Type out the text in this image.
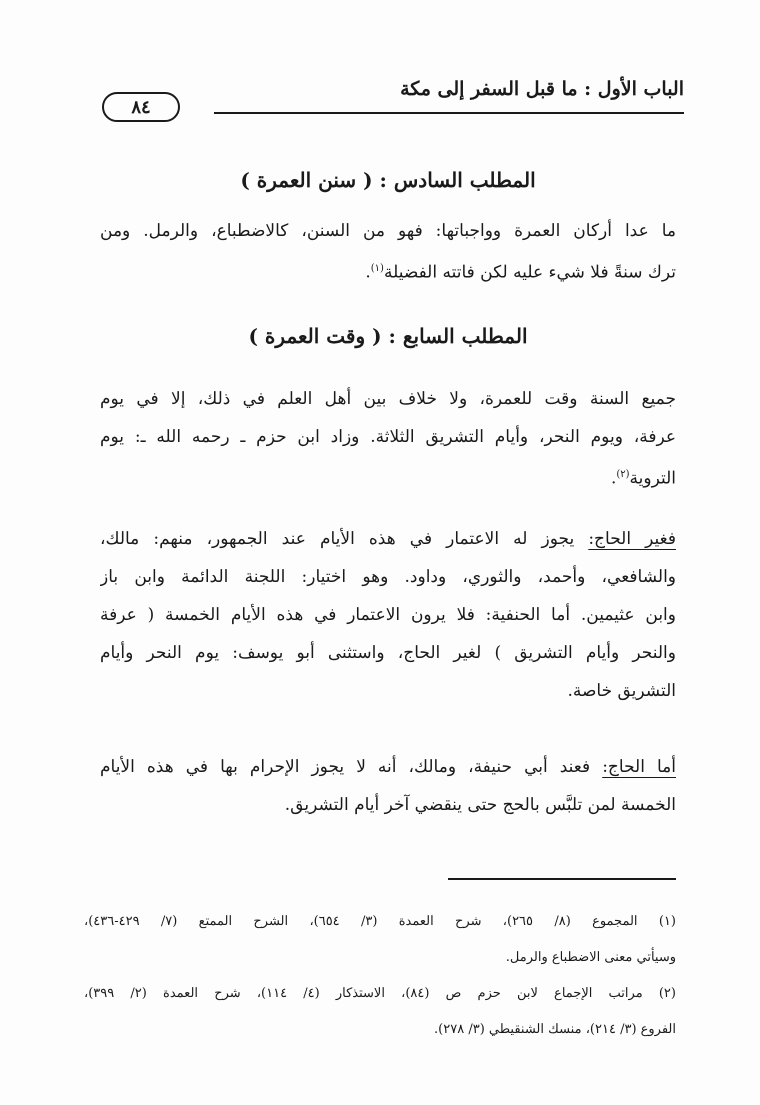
الباب الأول : ما قبل السفر إلى مكة
٨٤
المطلب السادس : ( سنن العمرة )
ما عدا أركان العمرة وواجباتها: فهو من السنن، كالاضطباع، والرمل. ومن
ترك سنةً فلا شيء عليه لكن فاتته الفضيلة$^{(١)}$.
المطلب السابع : ( وقت العمرة )
جميع السنة وقت للعمرة، ولا خلاف بين أهل العلم في ذلك، إلا في يوم
عرفة، ويوم النحر، وأيام التشريق الثلاثة. وزاد ابن حزم ـ رحمه الله ـ: يوم
التروية$^{(٢)}$.
فغير الحاج: يجوز له الاعتمار في هذه الأيام عند الجمهور، منهم: مالك،
والشافعي، وأحمد، والثوري، وداود. وهو اختيار: اللجنة الدائمة وابن باز
وابن عثيمين. أما الحنفية: فلا يرون الاعتمار في هذه الأيام الخمسة ( عرفة
والنحر وأيام التشريق ) لغير الحاج، واستثنى أبو يوسف: يوم النحر وأيام
التشريق خاصة.
أما الحاج: فعند أبي حنيفة، ومالك، أنه لا يجوز الإحرام بها في هذه الأيام
الخمسة لمن تلبَّس بالحج حتى ينقضي آخر أيام التشريق.
(١) المجموع (٨/ ٢٦٥)، شرح العمدة (٣/ ٦٥٤)، الشرح الممتع (٧/ ٤٢٩-٤٣٦)،
وسيأتي معنى الاضطباع والرمل.
(٢) مراتب الإجماع لابن حزم ص (٨٤)، الاستذكار (٤/ ١١٤)، شرح العمدة (٢/ ٣٩٩)،
الفروع (٣/ ٢١٤)، منسك الشنقيطي (٣/ ٢٧٨).
